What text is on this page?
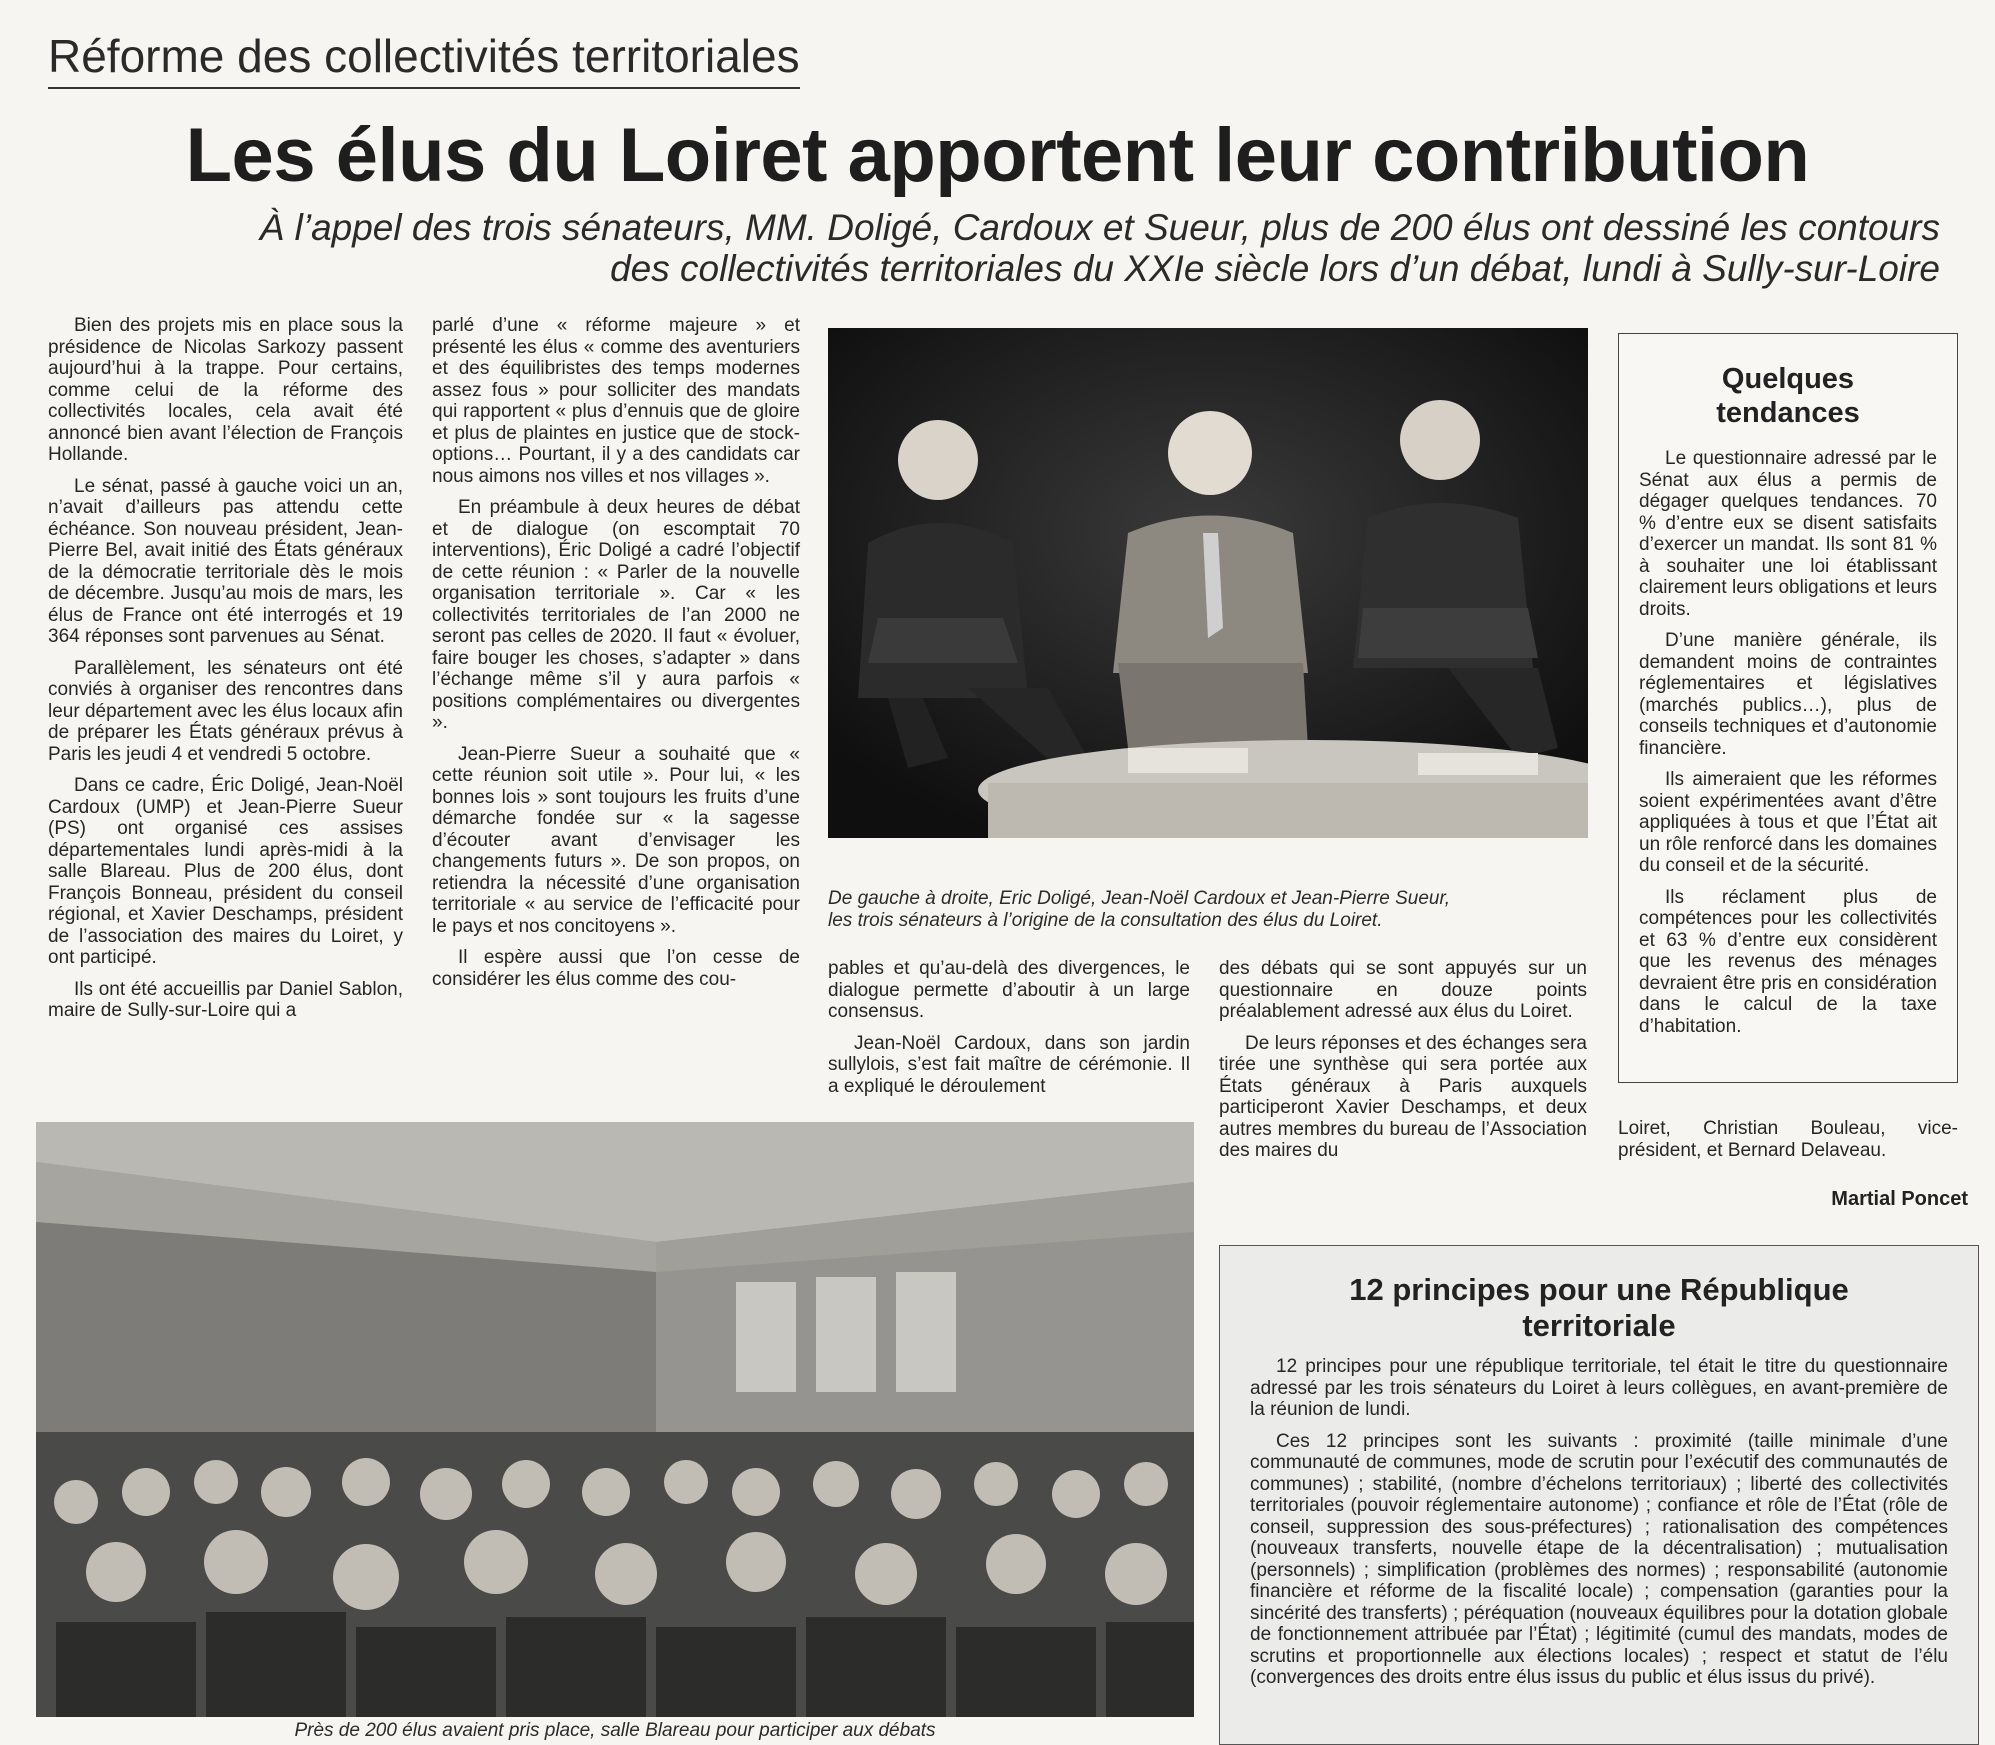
Réforme des collectivités territoriales
Les élus du Loiret apportent leur contribution
À l’appel des trois sénateurs, MM. Doligé, Cardoux et Sueur, plus de 200 élus ont dessiné les contours
des collectivités territoriales du XXIe siècle lors d’un débat, lundi à Sully-sur-Loire

Bien des projets mis en place sous la présidence de Nicolas Sarkozy passent aujourd’hui à la trappe. Pour certains, comme celui de la réforme des collectivités locales, cela avait été annoncé bien avant l’élection de François Hollande.

Le sénat, passé à gauche voici un an, n’avait d’ailleurs pas attendu cette échéance. Son nouveau président, Jean-Pierre Bel, avait initié des États généraux de la démocratie territoriale dès le mois de décembre. Jusqu’au mois de mars, les élus de France ont été interrogés et 19 364 réponses sont parvenues au Sénat.

Parallèlement, les sénateurs ont été conviés à organiser des rencontres dans leur département avec les élus locaux afin de préparer les États généraux prévus à Paris les jeudi 4 et vendredi 5 octobre.

Dans ce cadre, Éric Doligé, Jean-Noël Cardoux (UMP) et Jean-Pierre Sueur (PS) ont organisé ces assises départementales lundi après-midi à la salle Blareau. Plus de 200 élus, dont François Bonneau, président du conseil régional, et Xavier Deschamps, président de l’association des maires du Loiret, y ont participé.

Ils ont été accueillis par Daniel Sablon, maire de Sully-sur-Loire qui a

parlé d’une « réforme majeure » et présenté les élus « comme des aventuriers et des équilibristes des temps modernes assez fous » pour solliciter des mandats qui rapportent « plus d’ennuis que de gloire et plus de plaintes en justice que de stock-options… Pourtant, il y a des candidats car nous aimons nos villes et nos villages ».

En préambule à deux heures de débat et de dialogue (on escomptait 70 interventions), Éric Doligé a cadré l’objectif de cette réunion : « Parler de la nouvelle organisation territoriale ». Car « les collectivités territoriales de l’an 2000 ne seront pas celles de 2020. Il faut « évoluer, faire bouger les choses, s’adapter » dans l’échange même s’il y aura parfois « positions complémentaires ou divergentes ».

Jean-Pierre Sueur a souhaité que « cette réunion soit utile ». Pour lui, « les bonnes lois » sont toujours les fruits d’une démarche fondée sur « la sagesse d’écouter avant d’envisager les changements futurs ». De son propos, on retiendra la nécessité d’une organisation territoriale « au service de l’efficacité pour le pays et nos concitoyens ».

Il espère aussi que l’on cesse de considérer les élus comme des cou-

De gauche à droite, Eric Doligé, Jean-Noël Cardoux et Jean-Pierre Sueur,
les trois sénateurs à l’origine de la consultation des élus du Loiret.

pables et qu’au-delà des divergences, le dialogue permette d’aboutir à un large consensus.

Jean-Noël Cardoux, dans son jardin sullylois, s’est fait maître de cérémonie. Il a expliqué le déroulement

des débats qui se sont appuyés sur un questionnaire en douze points préalablement adressé aux élus du Loiret.

De leurs réponses et des échanges sera tirée une synthèse qui sera portée aux États généraux à Paris auxquels participeront Xavier Deschamps, et deux autres membres du bureau de l’Association des maires du

Quelques
tendances

Le questionnaire adressé par le Sénat aux élus a permis de dégager quelques tendances. 70 % d’entre eux se disent satisfaits d’exercer un mandat. Ils sont 81 % à souhaiter une loi établissant clairement leurs obligations et leurs droits.

D’une manière générale, ils demandent moins de contraintes réglementaires et législatives (marchés publics…), plus de conseils techniques et d’autonomie financière.

Ils aimeraient que les réformes soient expérimentées avant d’être appliquées à tous et que l’État ait un rôle renforcé dans les domaines du conseil et de la sécurité.

Ils réclament plus de compétences pour les collectivités et 63 % d’entre eux considèrent que les revenus des ménages devraient être pris en considération dans le calcul de la taxe d’habitation.

Loiret, Christian Bouleau, vice-président, et Bernard Delaveau.

Martial Poncet
Près de 200 élus avaient pris place, salle Blareau pour participer aux débats
12 principes pour une République
territoriale

12 principes pour une république territoriale, tel était le titre du questionnaire adressé par les trois sénateurs du Loiret à leurs collègues, en avant-première de la réunion de lundi.

Ces 12 principes sont les suivants : proximité (taille minimale d’une communauté de communes, mode de scrutin pour l’exécutif des communautés de communes) ; stabilité, (nombre d’échelons territoriaux) ; liberté des collectivités territoriales (pouvoir réglementaire autonome) ; confiance et rôle de l’État (rôle de conseil, suppression des sous-préfectures) ; rationalisation des compétences (nouveaux transferts, nouvelle étape de la décentralisation) ; mutualisation (personnels) ; simplification (problèmes des normes) ; responsabilité (autonomie financière et réforme de la fiscalité locale) ; compensation (garanties pour la sincérité des transferts) ; péréquation (nouveaux équilibres pour la dotation globale de fonctionnement attribuée par l’État) ; légitimité (cumul des mandats, modes de scrutins et proportionnelle aux élections locales) ; respect et statut de l’élu (convergences des droits entre élus issus du public et élus issus du privé).
